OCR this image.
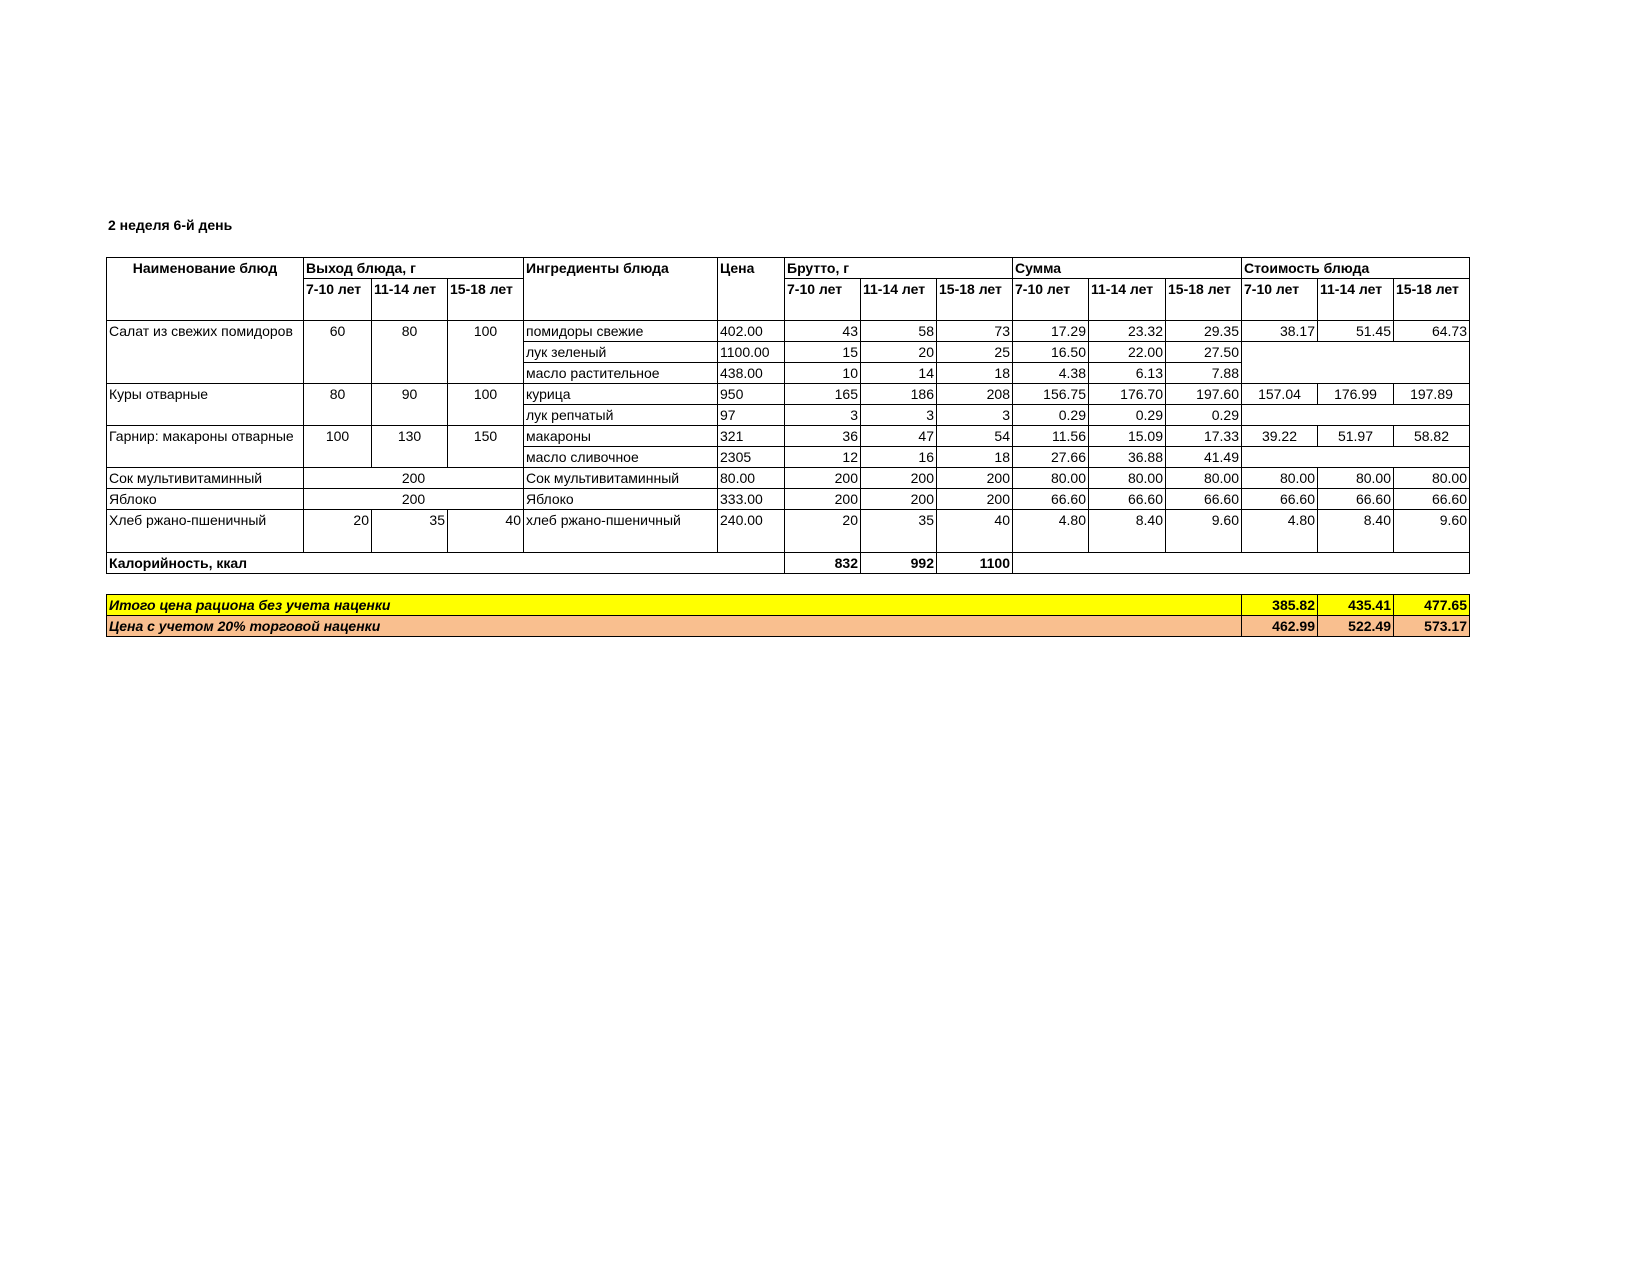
2 неделя 6-й день
Наименование блюд	Выход блюда, г			Ингредиенты блюда	Цена	Брутто, г			Сумма			Стоимость блюда		
	7-10 лет	11-14 лет	15-18 лет			7-10 лет	11-14 лет	15-18 лет	7-10 лет	11-14 лет	15-18 лет	7-10 лет	11-14 лет	15-18 лет
Салат из свежих помидоров	60	80	100	помидоры свежие	402.00	43	58	73	17.29	23.32	29.35	38.17	51.45	64.73
				лук зеленый	1100.00	15	20	25	16.50	22.00	27.50			
				масло растительное	438.00	10	14	18	4.38	6.13	7.88			
Куры отварные	80	90	100	курица	950	165	186	208	156.75	176.70	197.60	157.04	176.99	197.89
				лук репчатый	97	3	3	3	0.29	0.29	0.29			
Гарнир: макароны отварные	100	130	150	макароны	321	36	47	54	11.56	15.09	17.33	39.22	51.97	58.82
				масло сливочное	2305	12	16	18	27.66	36.88	41.49			
Сок мультивитаминный	200			Сок мультивитаминный	80.00	200	200	200	80.00	80.00	80.00	80.00	80.00	80.00
Яблоко	200			Яблоко	333.00	200	200	200	66.60	66.60	66.60	66.60	66.60	66.60
Хлеб ржано-пшеничный	20	35	40	хлеб ржано-пшеничный	240.00	20	35	40	4.80	8.40	9.60	4.80	8.40	9.60
Калорийность, ккал						832	992	1100						

Итого цена рациона без учета наценки												385.82	435.41	477.65
Цена с учетом 20% торговой наценки												462.99	522.49	573.17
